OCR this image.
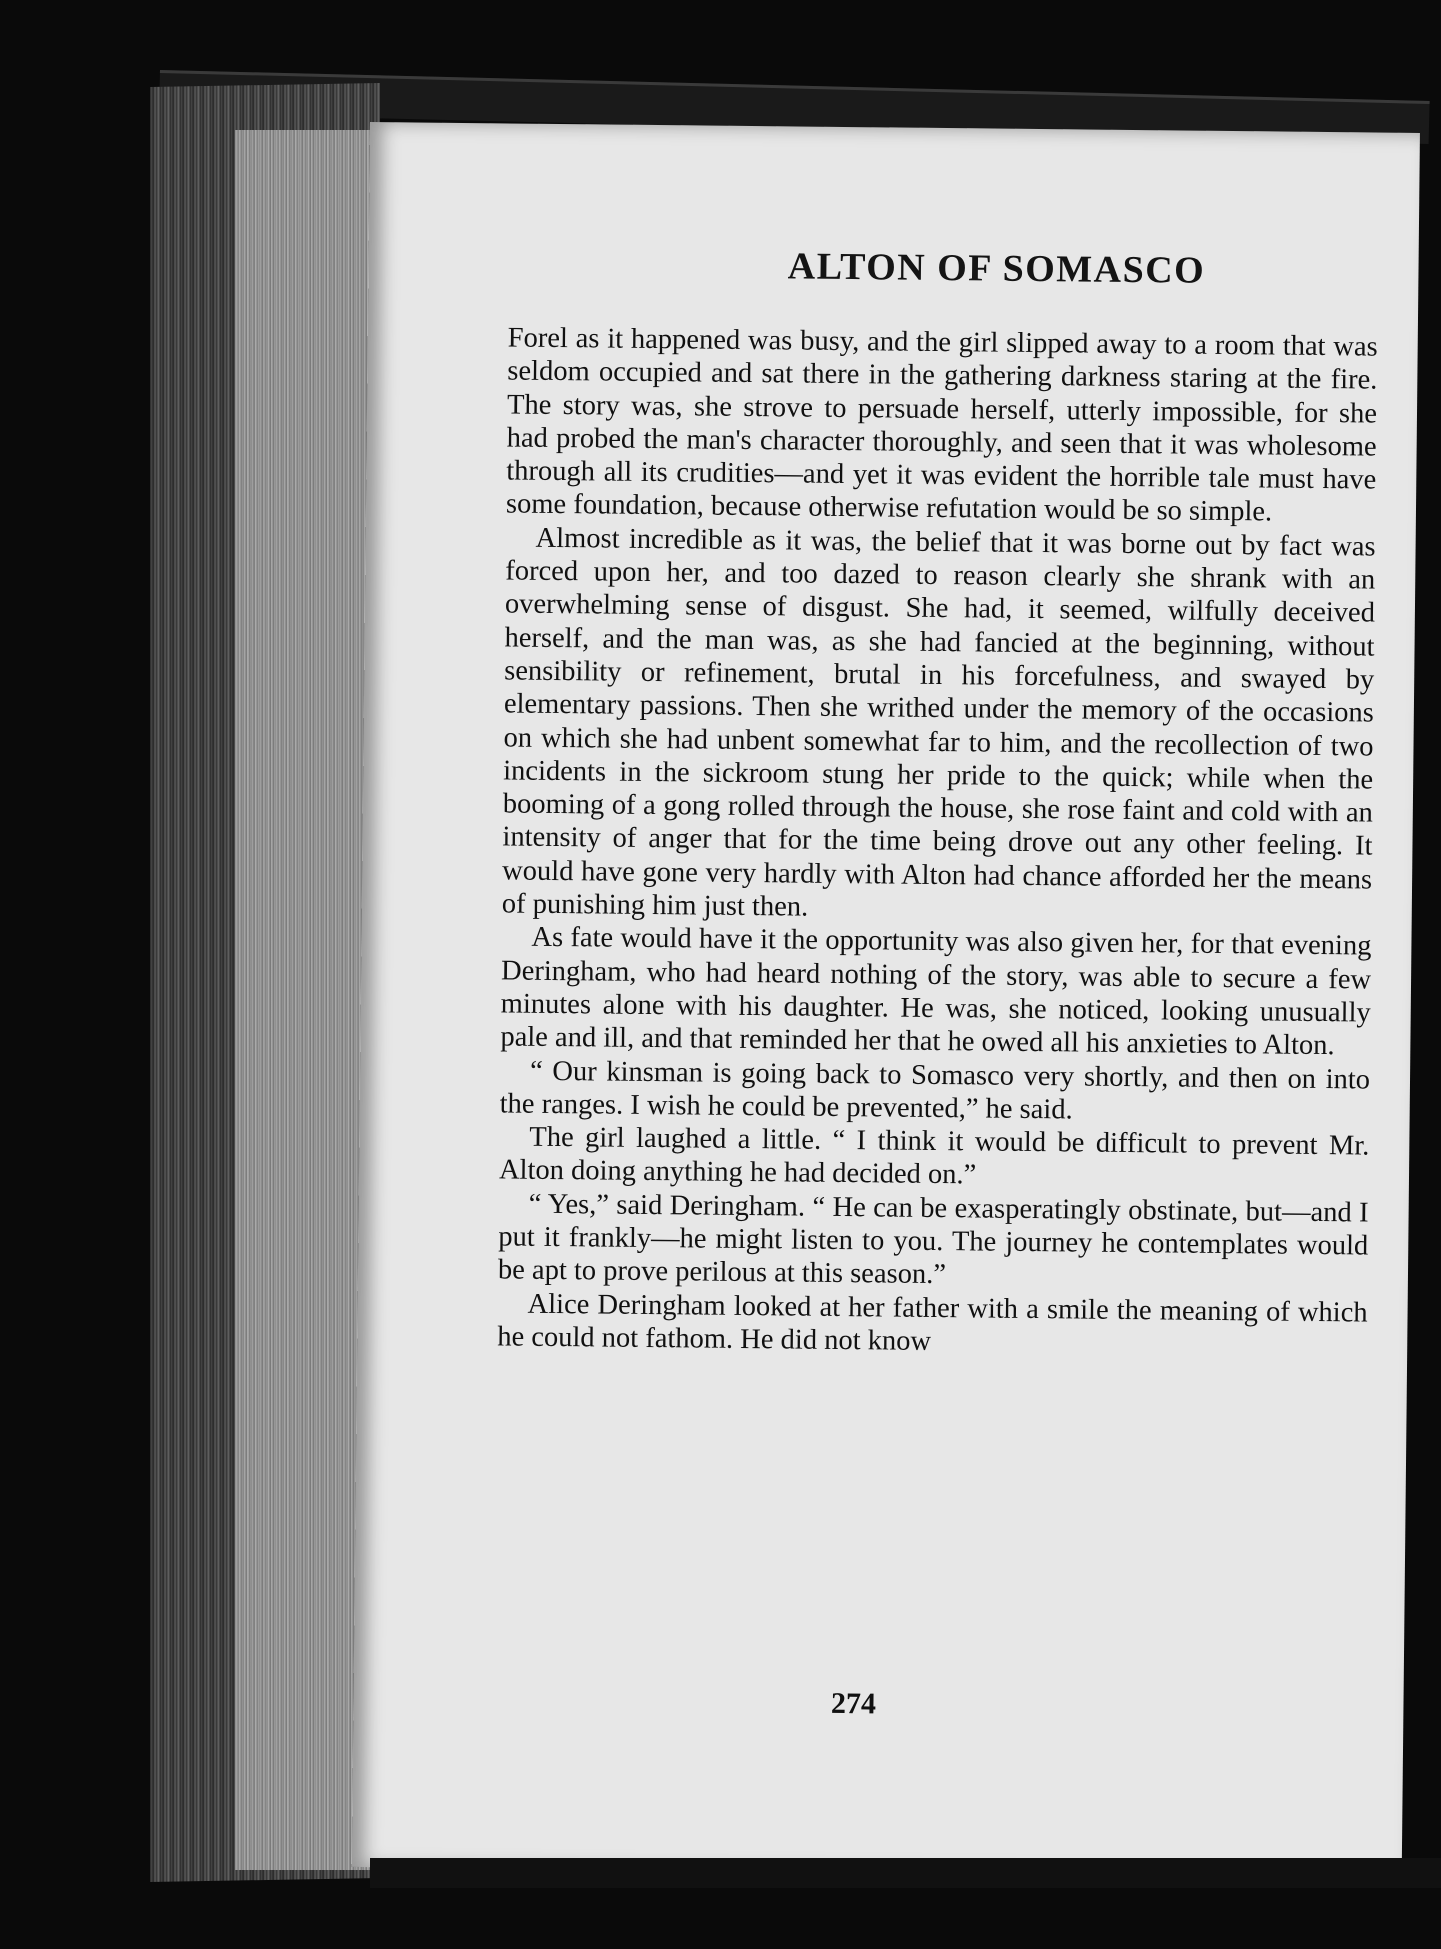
ALTON OF SOMASCO

Forel as it happened was busy, and the girl slipped away to a room that was seldom occupied and sat there in the gathering darkness staring at the fire. The story was, she strove to persuade herself, utterly impossible, for she had probed the man's character thoroughly, and seen that it was wholesome through all its crudities—and yet it was evident the horrible tale must have some foundation, because otherwise refutation would be so simple.

Almost incredible as it was, the belief that it was borne out by fact was forced upon her, and too dazed to reason clearly she shrank with an overwhelming sense of disgust. She had, it seemed, wilfully deceived herself, and the man was, as she had fancied at the beginning, without sensibility or refinement, brutal in his forcefulness, and swayed by elementary passions. Then she writhed under the memory of the occasions on which she had unbent somewhat far to him, and the recollection of two incidents in the sickroom stung her pride to the quick; while when the booming of a gong rolled through the house, she rose faint and cold with an intensity of anger that for the time being drove out any other feeling. It would have gone very hardly with Alton had chance afforded her the means of punishing him just then.

As fate would have it the opportunity was also given her, for that evening Deringham, who had heard nothing of the story, was able to secure a few minutes alone with his daughter. He was, she noticed, looking unusually pale and ill, and that reminded her that he owed all his anxieties to Alton.

“ Our kinsman is going back to Somasco very shortly, and then on into the ranges. I wish he could be prevented,” he said.

The girl laughed a little. “ I think it would be difficult to prevent Mr. Alton doing anything he had decided on.”

“ Yes,” said Deringham. “ He can be exasperatingly obstinate, but—and I put it frankly—he might listen to you. The journey he contemplates would be apt to prove perilous at this season.”

Alice Deringham looked at her father with a smile the meaning of which he could not fathom. He did not know

274
